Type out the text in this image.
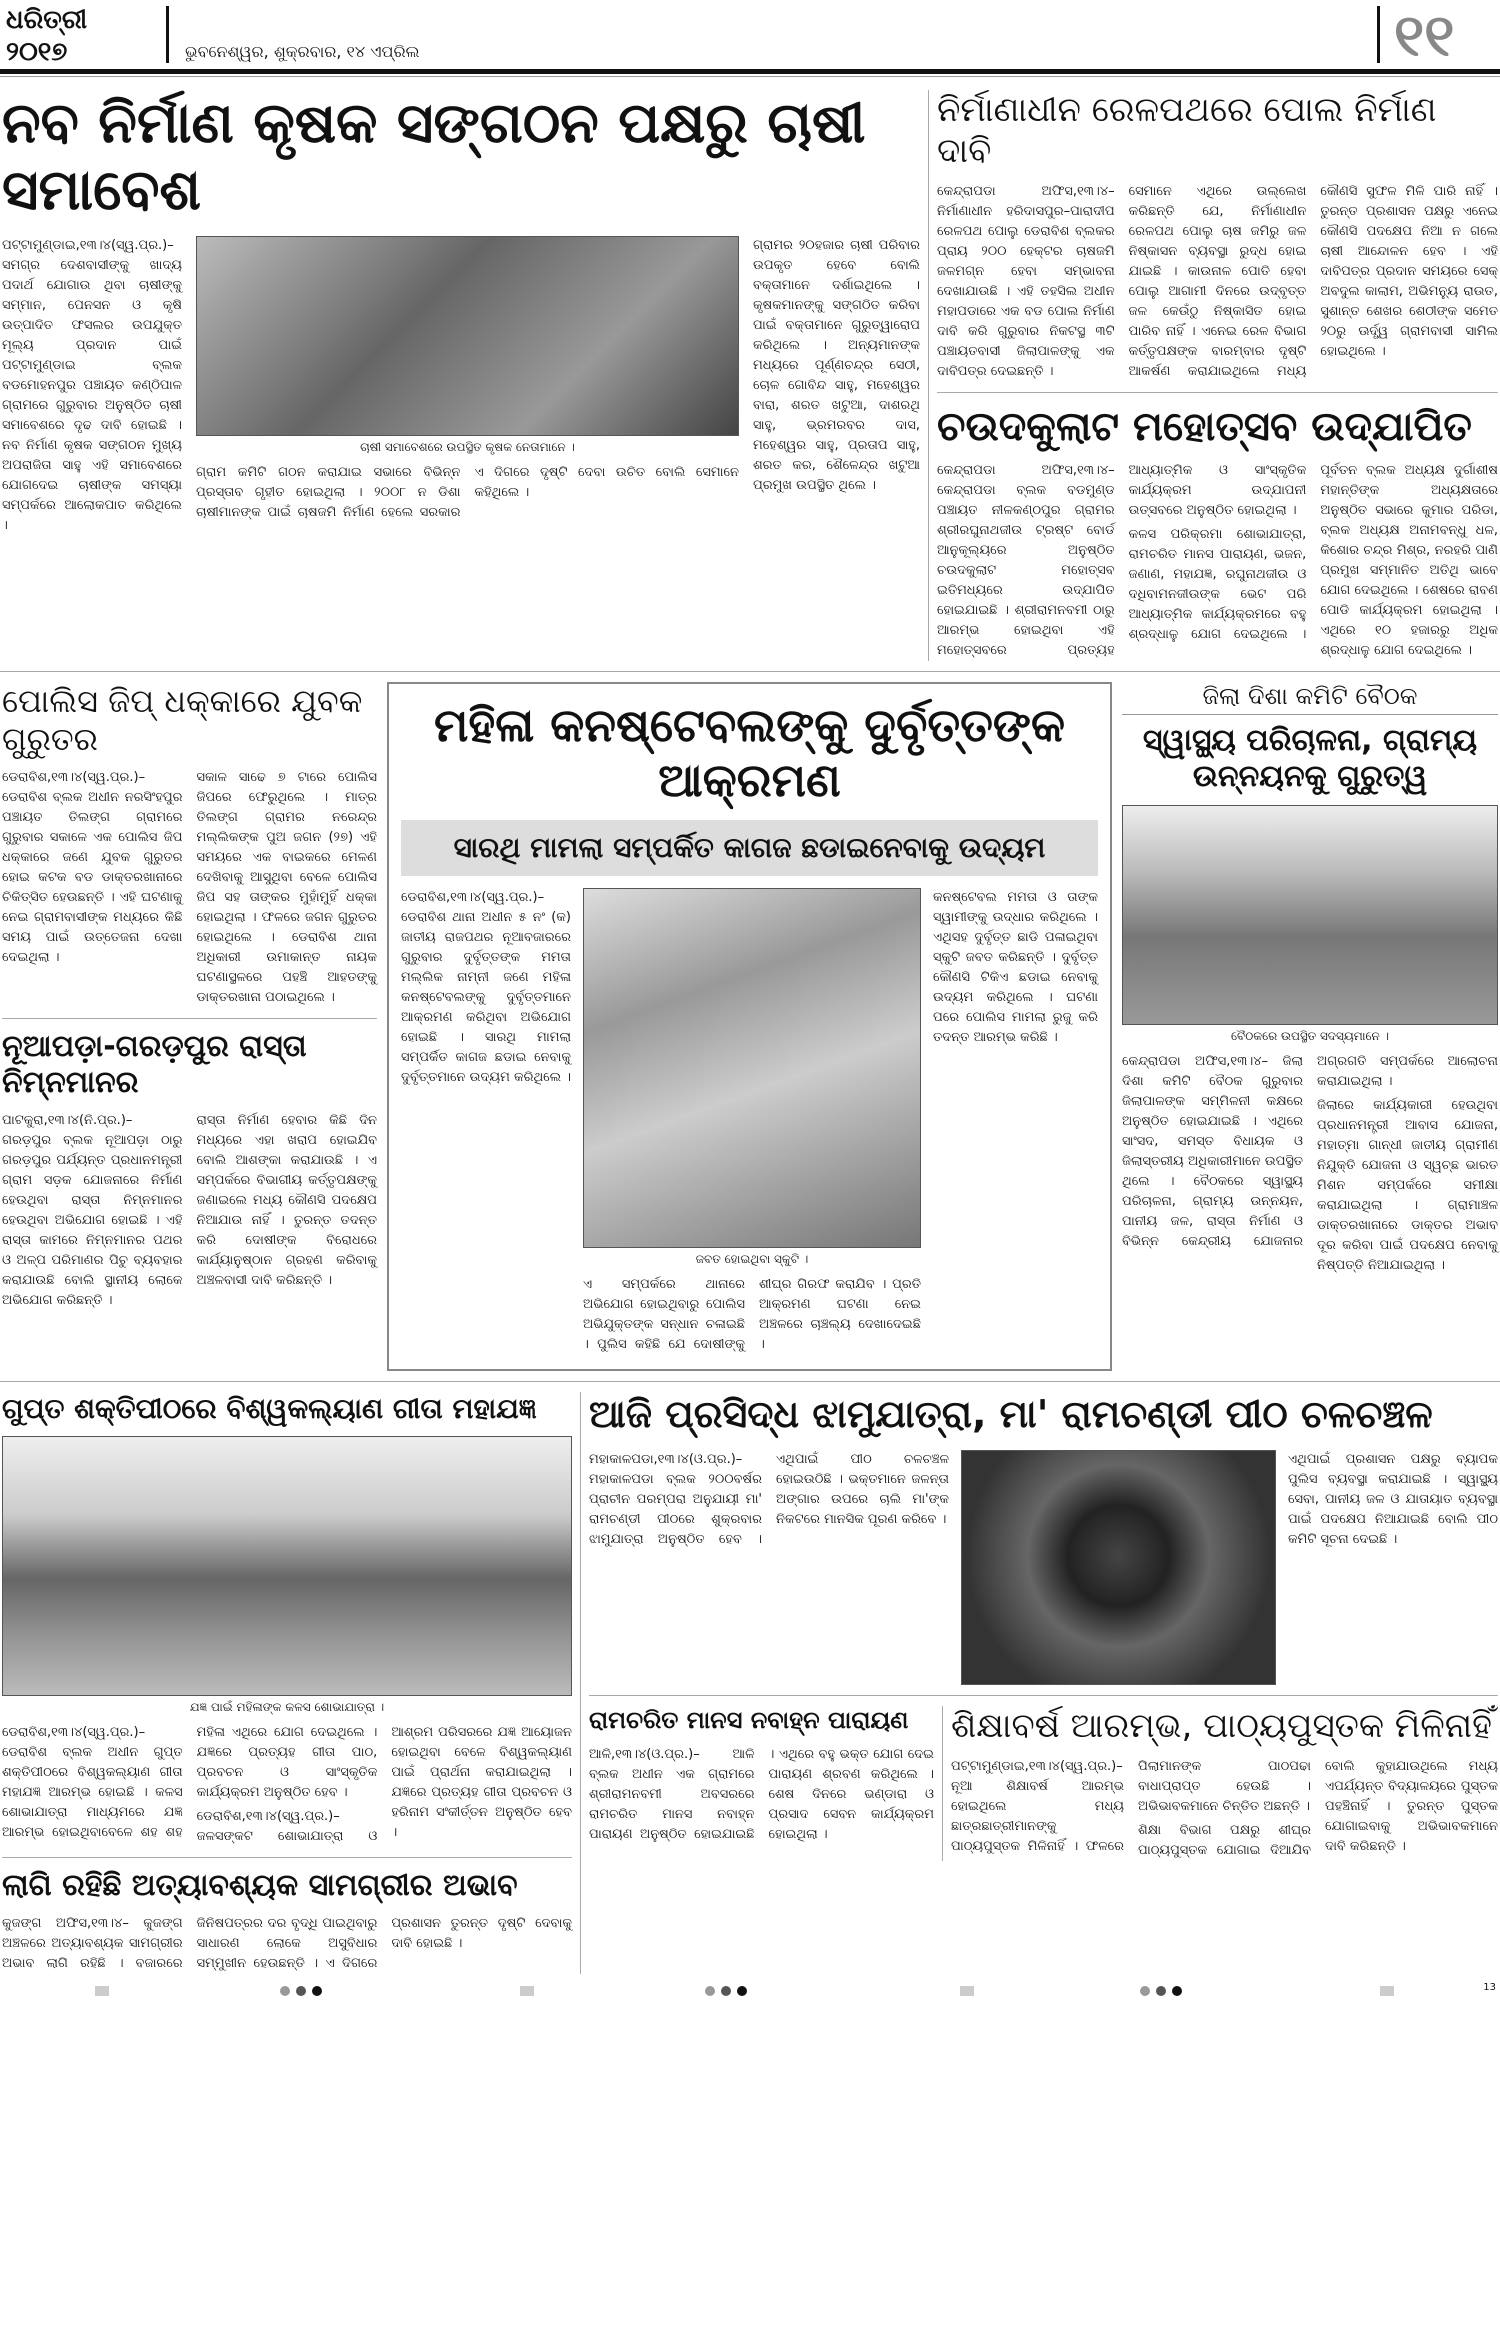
ଧରିତ୍ରୀ
୨୦୧୭	ଭୁବନେଶ୍ୱର, ଶୁକ୍ରବାର, ୧୪ ଏପ୍ରିଲ	୧୧
ନବ ନିର୍ମାଣ କୃଷକ ସଙ୍ଗଠନ ପକ୍ଷରୁ ଚାଷୀ ସମାବେଶ

ପଟ୍ଟାମୁଣ୍ଡାଇ,୧୩।୪(ସ୍ୱ.ପ୍ର.)– ସମଗ୍ର ଦେଶବାସୀଙ୍କୁ ଖାଦ୍ୟ ପଦାର୍ଥ ଯୋଗାଉ ଥିବା ଚାଷୀଙ୍କୁ ସମ୍ମାନ, ପେନସନ ଓ କୃଷି ଉତ୍ପାଦିତ ଫସଲର ଉପଯୁକ୍ତ ମୂଲ୍ୟ ପ୍ରଦାନ ପାଇଁ ପଟ୍ଟାମୁଣ୍ଡାଇ ବ୍ଲକ ବଡମୋହନପୁର ପଞ୍ଚାୟତ କଣ୍ଠିପାଳ ଗ୍ରାମରେ ଗୁରୁବାର ଅନୁଷ୍ଠିତ ଚାଷୀ ସମାବେଶରେ ଦୃଢ ଦାବି ହୋଇଛି । ନବ ନିର୍ମାଣ କୃଷକ ସଙ୍ଗଠନ ମୁଖ୍ୟ ଅପରାଜିତା ସାହୁ ଏହି ସମାବେଶରେ ଯୋଗଦେଇ ଚାଷୀଙ୍କ ସମସ୍ୟା ସମ୍ପର୍କରେ ଆଲୋକପାତ କରିଥିଲେ ।

ଚାଷୀ ସମାବେଶରେ ଉପସ୍ଥିତ କୃଷକ ନେତାମାନେ ।

ଗ୍ରାମ କମିଟି ଗଠନ କରାଯାଇ ସଭାରେ ବିଭିନ୍ନ ପ୍ରସ୍ତାବ ଗୃହୀତ ହୋଇଥିଲା । ୨୦୦୮ ନ ଡିଶା ଚାଷୀମାନଙ୍କ ପାଇଁ ଚାଷଜମି ନିର୍ମାଣ ହେଲେ ସରକାର ଏ ଦିଗରେ ଦୃଷ୍ଟି ଦେବା ଉଚିତ ବୋଲି ସେମାନେ କହିଥିଲେ ।

ଗ୍ରାମର ୨୦ହଜାର ଚାଷୀ ପରିବାର ଉପକୃତ ହେବେ ବୋଲି ବକ୍ତାମାନେ ଦର୍ଶାଇଥିଲେ । କୃଷକମାନଙ୍କୁ ସଙ୍ଗଠିତ କରିବା ପାଇଁ ବକ୍ତାମାନେ ଗୁରୁତ୍ୱାରୋପ କରିଥିଲେ । ଅନ୍ୟମାନଙ୍କ ମଧ୍ୟରେ ପୂର୍ଣ୍ଣଚନ୍ଦ୍ର ସେଠୀ, ଚୋଳ ଗୋବିନ୍ଦ ସାହୁ, ମହେଶ୍ୱର ବାରା, ଶରତ ଖଟୁଆ, ଦାଶରଥି ସାହୁ, ଭ୍ରମରବର ଦାସ, ମହେଶ୍ୱର ସାହୁ, ପ୍ରତାପ ସାହୁ, ଶରତ କର, ଶୈଳେନ୍ଦ୍ର ଖଟୁଆ ପ୍ରମୁଖ ଉପସ୍ଥିତ ଥିଲେ ।

ନିର୍ମାଣାଧୀନ ରେଳପଥରେ ପୋଲ ନିର୍ମାଣ ଦାବି

କେନ୍ଦ୍ରାପଡା ଅଫିସ,୧୩।୪– ନିର୍ମାଣାଧୀନ ହରିଦାସପୁର–ପାରାଦୀପ ରେଳପଥ ପୋଲୁ ଡେରାବିଶ ବ୍ଲକର ପ୍ରାୟ ୨୦୦ ହେକ୍ଟର ଚାଷଜମି ଜଳମଗ୍ନ ହେବା ସମ୍ଭାବନା ଦେଖାଯାଉଛି । ଏହି ତହସିଲ ଅଧୀନ ମହାପଡାରେ ଏକ ବଡ ପୋଲ ନିର୍ମାଣ ଦାବି କରି ଗୁରୁବାର ନିକଟସ୍ଥ ୩ଟି ପଞ୍ଚାୟତବାସୀ ଜିଲାପାଳଙ୍କୁ ଏକ ଦାବିପତ୍ର ଦେଇଛନ୍ତି ।

ସେମାନେ ଏଥିରେ ଉଲ୍ଲେଖ କରିଛନ୍ତି ଯେ, ନିର୍ମାଣାଧୀନ ରେଳପଥ ପୋଲୁ ଚାଷ ଜମିରୁ ଜଳ ନିଷ୍କାସନ ବ୍ୟବସ୍ଥା ରୁଦ୍ଧ ହୋଇ ଯାଇଛି । କାଉନାଳ ପୋତି ହେବା ପୋଲୁ ଆଗାମୀ ଦିନରେ ଉଦ୍‌ବୃତ୍ତ ଜଳ କେଉଁଠୁ ନିଷ୍କାସିତ ହୋଇ ପାରିବ ନାହିଁ । ଏନେଇ ରେଳ ବିଭାଗ କର୍ତ୍ତୃପକ୍ଷଙ୍କ ବାରମ୍ବାର ଦୃଷ୍ଟି ଆକର୍ଷଣ କରାଯାଇଥିଲେ ମଧ୍ୟ କୌଣସି ସୁଫଳ ମିଳି ପାରି ନାହିଁ । ତୁରନ୍ତ ପ୍ରଶାସନ ପକ୍ଷରୁ ଏନେଇ କୌଣସି ପଦକ୍ଷେପ ନିଆ ନ ଗଲେ ଚାଷୀ ଆନ୍ଦୋଳନ ହେବ । ଏହି ଦାବିପତ୍ର ପ୍ରଦାନ ସମୟରେ ସେକ୍ ଅବଦୁଲ କାଲାମ, ଅଭିମନ୍ୟୁ ରାଉତ, ସୁଶାନ୍ତ ଶେଖର ଶେଠୀଙ୍କ ସମେତ ୨୦ରୁ ଊର୍ଦ୍ଧ୍ୱ ଗ୍ରାମବାସୀ ସାମିଲ ହୋଇଥିଲେ ।

ଚଉଦକୁଲାଟ ମହୋତ୍ସବ ଉଦ୍‌ଯାପିତ

କେନ୍ଦ୍ରାପଡା ଅଫିସ,୧୩।୪– କେନ୍ଦ୍ରାପଡା ବ୍ଲକ ବଡମୁଣ୍ଡ ପଞ୍ଚାୟତ ନୀଳକଣ୍ଠପୁର ଗ୍ରାମର ଶ୍ରୀରଘୁନାଥଜୀଉ ଟ୍ରଷ୍ଟ ବୋର୍ଡ ଆନୁକୂଲ୍ୟରେ ଅନୁଷ୍ଠିତ ଚଉଦକୁଲାଟ ମହୋତ୍ସବ ଇତିମଧ୍ୟରେ ଉଦ୍‌ଯାପିତ ହୋଇଯାଇଛି । ଶ୍ରୀରାମନବମୀ ଠାରୁ ଆରମ୍ଭ ହୋଇଥିବା ଏହି ମହୋତ୍ସବରେ ପ୍ରତ୍ୟହ ଆଧ୍ୟାତ୍ମିକ ଓ ସାଂସ୍କୃତିକ କାର୍ଯ୍ୟକ୍ରମ ଉଦ୍‌ଯାପନୀ ଉତ୍ସବରେ ଅନୁଷ୍ଠିତ ହୋଇଥିଲା ।

କଳସ ପରିକ୍ରମା ଶୋଭାଯାତ୍ରା, ରାମଚରିତ ମାନସ ପାରାୟଣ, ଭଜନ, ଜଣାଣ, ମହାଯଜ୍ଞ, ରଘୁନାଥଜୀଉ ଓ ଦଧିବାମନଜୀଉଙ୍କ ଭେଟ ପରି ଆଧ୍ୟାତ୍ମିକ କାର୍ଯ୍ୟକ୍ରମରେ ବହୁ ଶ୍ରଦ୍ଧାଳୁ ଯୋଗ ଦେଇଥିଲେ । ପୂର୍ବତନ ବ୍ଲକ ଅଧ୍ୟକ୍ଷ ଦୁର୍ଗାଶୀଷ ମହାନ୍ତିଙ୍କ ଅଧ୍ୟକ୍ଷତାରେ ଅନୁଷ୍ଠିତ ସଭାରେ କୁମାର ପରିଡା, ବ୍ଲକ ଅଧ୍ୟକ୍ଷ ଅନାମବନ୍ଧୁ ଧଳ, କିଶୋର ଚନ୍ଦ୍ର ମିଶ୍ର, ନରହରି ପାଣି ପ୍ରମୁଖ ସମ୍ମାନିତ ଅତିଥି ଭାବେ ଯୋଗ ଦେଇଥିଲେ । ଶେଷରେ ରାବଣ ପୋଡି କାର୍ଯ୍ୟକ୍ରମ ହୋଇଥିଲା । ଏଥିରେ ୧୦ ହଜାରରୁ ଅଧିକ ଶ୍ରଦ୍ଧାଳୁ ଯୋଗ ଦେଇଥିଲେ ।

ପୋଲିସ ଜିପ୍ ଧକ୍କାରେ ଯୁବକ ଗୁରୁତର

ଡେରାବିଶ,୧୩।୪(ସ୍ୱ.ପ୍ର.)– ଡେରାବିଶ ବ୍ଲକ ଅଧୀନ ନରସିଂହପୁର ପଞ୍ଚାୟତ ତିଲଙ୍ଗ ଗ୍ରାମରେ ଗୁରୁବାର ସକାଳେ ଏକ ପୋଲିସ ଜିପ ଧକ୍କାରେ ଜଣେ ଯୁବକ ଗୁରୁତର ହୋଇ କଟକ ବଡ ଡାକ୍ତରଖାନାରେ ଚିକିତ୍ସିତ ହେଉଛନ୍ତି । ଏହି ଘଟଣାକୁ ନେଇ ଗ୍ରାମବାସୀଙ୍କ ମଧ୍ୟରେ କିଛି ସମୟ ପାଇଁ ଉତ୍ତେଜନା ଦେଖା ଦେଇଥିଲା ।

ସକାଳ ସାଢେ ୭ ଟାରେ ପୋଲିସ ଜିପରେ ଫେରୁଥିଲେ । ମାତ୍ର ତିଲଙ୍ଗ ଗ୍ରାମର ନରେନ୍ଦ୍ର ମଲ୍ଲିକଙ୍କ ପୁଅ ଜଗନ (୨୭) ଏହି ସମୟରେ ଏକ ବାଇକରେ ମେଳଣ ଦେଖିବାକୁ ଆସୁଥିବା ବେଳେ ପୋଲିସ ଜିପ ସହ ତାଙ୍କର ମୁହାଁମୁହିଁ ଧକ୍କା ହୋଇଥିଲା । ଫଳରେ ଜଗନ ଗୁରୁତର ହୋଇଥିଲେ । ଡେରାବିଶ ଥାନା ଅଧିକାରୀ ଉମାକାନ୍ତ ନାୟକ ଘଟଣାସ୍ଥଳରେ ପହଞ୍ଚି ଆହତଙ୍କୁ ଡାକ୍ତରଖାନା ପଠାଇଥିଲେ ।

ନୂଆପଡ଼ା-ଗରଡ଼ପୁର ରାସ୍ତା ନିମ୍ନମାନର

ପାଟକୁରା,୧୩।୪(ନି.ପ୍ର.)– ଗରଡ଼ପୁର ବ୍ଲକ ନୂଆପଡ଼ା ଠାରୁ ଗରଡ଼ପୁର ପର୍ଯ୍ୟନ୍ତ ପ୍ରଧାନମନ୍ତ୍ରୀ ଗ୍ରାମ ସଡ଼କ ଯୋଜନାରେ ନିର୍ମାଣ ହେଉଥିବା ରାସ୍ତା ନିମ୍ନମାନର ହେଉଥିବା ଅଭିଯୋଗ ହୋଇଛି । ଏହି ରାସ୍ତା କାମରେ ନିମ୍ନମାନର ପଥର ଓ ଅଳ୍ପ ପରିମାଣର ପିଚୁ ବ୍ୟବହାର କରାଯାଉଛି ବୋଲି ସ୍ଥାନୀୟ ଲୋକେ ଅଭିଯୋଗ କରିଛନ୍ତି ।

ରାସ୍ତା ନିର୍ମାଣ ହେବାର କିଛି ଦିନ ମଧ୍ୟରେ ଏହା ଖରାପ ହୋଇଯିବ ବୋଲି ଆଶଙ୍କା କରାଯାଉଛି । ଏ ସମ୍ପର୍କରେ ବିଭାଗୀୟ କର୍ତ୍ତୃପକ୍ଷଙ୍କୁ ଜଣାଇଲେ ମଧ୍ୟ କୌଣସି ପଦକ୍ଷେପ ନିଆଯାଉ ନାହିଁ । ତୁରନ୍ତ ତଦନ୍ତ କରି ଦୋଷୀଙ୍କ ବିରୋଧରେ କାର୍ଯ୍ୟାନୁଷ୍ଠାନ ଗ୍ରହଣ କରିବାକୁ ଅଞ୍ଚଳବାସୀ ଦାବି କରିଛନ୍ତି ।

ମହିଳା କନଷ୍ଟେବଲଙ୍କୁ ଦୁର୍ବୃତ୍ତଙ୍କ ଆକ୍ରମଣ
ସାରଥି ମାମଲା ସମ୍ପର୍କିତ କାଗଜ ଛଡାଇନେବାକୁ ଉଦ୍ୟମ

ଡେରାବିଶ,୧୩।୪(ସ୍ୱ.ପ୍ର.)– ଡେରାବିଶ ଥାନା ଅଧୀନ ୫ ନଂ (କ) ଜାତୀୟ ରାଜପଥର ନୂଆବଜାରରେ ଗୁରୁବାର ଦୁର୍ବୃତ୍ତଙ୍କ ମମତା ମଲ୍ଲିକ ନାମ୍ନୀ ଜଣେ ମହିଳା କନଷ୍ଟେବଲଙ୍କୁ ଦୁର୍ବୃତ୍ତମାନେ ଆକ୍ରମଣ କରିଥିବା ଅଭିଯୋଗ ହୋଇଛି । ସାରଥି ମାମଲା ସମ୍ପର୍କିତ କାଗଜ ଛଡାଇ ନେବାକୁ ଦୁର୍ବୃତ୍ତମାନେ ଉଦ୍ୟମ କରିଥିଲେ ।

ଜବତ ହୋଇଥିବା ସ୍କୁଟି ।

ଏ ସମ୍ପର୍କରେ ଥାନାରେ ଅଭିଯୋଗ ହୋଇଥିବାରୁ ପୋଲିସ ଅଭିଯୁକ୍ତଙ୍କ ସନ୍ଧାନ ଚଳାଇଛି । ପୁଲିସ କହିଛି ଯେ ଦୋଷୀଙ୍କୁ ଶୀଘ୍ର ଗିରଫ କରାଯିବ । ପ୍ରତି ଆକ୍ରମଣ ଘଟଣା ନେଇ ଅଞ୍ଚଳରେ ଚାଞ୍ଚଲ୍ୟ ଦେଖାଦେଇଛି ।

କନଷ୍ଟେବଲ ମମତା ଓ ତାଙ୍କ ସ୍ୱାମୀଙ୍କୁ ଉଦ୍ଧାର କରିଥିଲେ । ଏଥିସହ ଦୁର୍ବୃତ୍ତ ଛାଡି ପଳାଇଥିବା ସ୍କୁଟି ଜବତ କରିଛନ୍ତି । ଦୁର୍ବୃତ୍ତ କୌଣସି ଟିକିଏ ଛଡାଇ ନେବାକୁ ଉଦ୍ୟମ କରିଥିଲେ । ଘଟଣା ପରେ ପୋଲିସ ମାମଲା ରୁଜୁ କରି ତଦନ୍ତ ଆରମ୍ଭ କରିଛି ।

ଜିଲା ଦିଶା କମିଟି ବୈଠକ
ସ୍ୱାସ୍ଥ୍ୟ ପରିଚାଳନା, ଗ୍ରାମ୍ୟ ଉନ୍ନୟନକୁ ଗୁରୁତ୍ୱ
ବୈଠକରେ ଉପସ୍ଥିତ ସଦସ୍ୟମାନେ ।

କେନ୍ଦ୍ରାପଡା ଅଫିସ,୧୩।୪– ଜିଲା ଦିଶା କମିଟି ବୈଠକ ଗୁରୁବାର ଜିଲାପାଳଙ୍କ ସମ୍ମିଳନୀ କକ୍ଷରେ ଅନୁଷ୍ଠିତ ହୋଇଯାଇଛି । ଏଥିରେ ସାଂସଦ, ସମସ୍ତ ବିଧାୟକ ଓ ଜିଲାସ୍ତରୀୟ ଅଧିକାରୀମାନେ ଉପସ୍ଥିତ ଥିଲେ । ବୈଠକରେ ସ୍ୱାସ୍ଥ୍ୟ ପରିଚାଳନା, ଗ୍ରାମ୍ୟ ଉନ୍ନୟନ, ପାନୀୟ ଜଳ, ରାସ୍ତା ନିର୍ମାଣ ଓ ବିଭିନ୍ନ କେନ୍ଦ୍ରୀୟ ଯୋଜନାର ଅଗ୍ରଗତି ସମ୍ପର୍କରେ ଆଲୋଚନା କରାଯାଇଥିଲା ।

ଜିଲାରେ କାର୍ଯ୍ୟକାରୀ ହେଉଥିବା ପ୍ରଧାନମନ୍ତ୍ରୀ ଆବାସ ଯୋଜନା, ମହାତ୍ମା ଗାନ୍ଧୀ ଜାତୀୟ ଗ୍ରାମୀଣ ନିଯୁକ୍ତି ଯୋଜନା ଓ ସ୍ୱଚ୍ଛ ଭାରତ ମିଶନ ସମ୍ପର୍କରେ ସମୀକ୍ଷା କରାଯାଇଥିଲା । ଗ୍ରାମାଞ୍ଚଳ ଡାକ୍ତରଖାନାରେ ଡାକ୍ତର ଅଭାବ ଦୂର କରିବା ପାଇଁ ପଦକ୍ଷେପ ନେବାକୁ ନିଷ୍ପତ୍ତି ନିଆଯାଇଥିଲା ।

ଗୁପ୍ତ ଶକ୍ତିପୀଠରେ ବିଶ୍ୱକଲ୍ୟାଣ ଗୀତା ମହାଯଜ୍ଞ
ଯଜ୍ଞ ପାଇଁ ମହିଳାଙ୍କ କଳସ ଶୋଭାଯାତ୍ରା ।

ଡେରାବିଶ,୧୩।୪(ସ୍ୱ.ପ୍ର.)– ଡେରାବିଶ ବ୍ଲକ ଅଧୀନ ଗୁପ୍ତ ଶକ୍ତିପୀଠରେ ବିଶ୍ୱକଲ୍ୟାଣ ଗୀତା ମହାଯଜ୍ଞ ଆରମ୍ଭ ହୋଇଛି । କଳସ ଶୋଭାଯାତ୍ରା ମାଧ୍ୟମରେ ଯଜ୍ଞ ଆରମ୍ଭ ହୋଇଥିବାବେଳେ ଶହ ଶହ ମହିଳା ଏଥିରେ ଯୋଗ ଦେଇଥିଲେ । ଯଜ୍ଞରେ ପ୍ରତ୍ୟହ ଗୀତା ପାଠ, ପ୍ରବଚନ ଓ ସାଂସ୍କୃତିକ କାର୍ଯ୍ୟକ୍ରମ ଅନୁଷ୍ଠିତ ହେବ ।

ଡେରାବିଶ,୧୩।୪(ସ୍ୱ.ପ୍ର.)– ଜଳସଙ୍କଟ ଶୋଭାଯାତ୍ରା ଓ ଆଶ୍ରମ ପରିସରରେ ଯଜ୍ଞ ଆୟୋଜନ ହୋଇଥିବା ବେଳେ ବିଶ୍ୱକଲ୍ୟାଣ ପାଇଁ ପ୍ରାର୍ଥନା କରାଯାଇଥିଲା । ଯଜ୍ଞରେ ପ୍ରତ୍ୟହ ଗୀତା ପ୍ରବଚନ ଓ ହରିନାମ ସଂକୀର୍ତ୍ତନ ଅନୁଷ୍ଠିତ ହେବ ।

ଲାଗି ରହିଛି ଅତ୍ୟାବଶ୍ୟକ ସାମଗ୍ରୀର ଅଭାବ

କୁଜଙ୍ଗ ଅଫିସ,୧୩।୪– କୁଜଙ୍ଗ ଅଞ୍ଚଳରେ ଅତ୍ୟାବଶ୍ୟକ ସାମଗ୍ରୀର ଅଭାବ ଲାଗି ରହିଛି । ବଜାରରେ ଜିନିଷପତ୍ରର ଦର ବୃଦ୍ଧି ପାଇଥିବାରୁ ସାଧାରଣ ଲୋକେ ଅସୁବିଧାର ସମ୍ମୁଖୀନ ହେଉଛନ୍ତି । ଏ ଦିଗରେ ପ୍ରଶାସନ ତୁରନ୍ତ ଦୃଷ୍ଟି ଦେବାକୁ ଦାବି ହୋଇଛି ।

ଆଜି ପ୍ରସିଦ୍ଧ ଝାମୁଯାତ୍ରା, ମା' ରାମଚଣ୍ଡୀ ପୀଠ ଚଳଚଞ୍ଚଳ

ମହାକାଳପଡା,୧୩।୪(ଓ.ପ୍ର.)– ମହାକାଳପଡା ବ୍ଲକ ୨୦୦ବର୍ଷର ପ୍ରାଚୀନ ପରମ୍ପରା ଅନୁଯାୟୀ ମା' ରାମଚଣ୍ଡୀ ପୀଠରେ ଶୁକ୍ରବାର ଝାମୁଯାତ୍ରା ଅନୁଷ୍ଠିତ ହେବ । ଏଥିପାଇଁ ପୀଠ ଚଳଚଞ୍ଚଳ ହୋଇଉଠିଛି । ଭକ୍ତମାନେ ଜଳନ୍ତା ଅଙ୍ଗାର ଉପରେ ଚାଲି ମା'ଙ୍କ ନିକଟରେ ମାନସିକ ପୂରଣ କରିବେ ।

ଏଥିପାଇଁ ପ୍ରଶାସନ ପକ୍ଷରୁ ବ୍ୟାପକ ପୁଲିସ ବ୍ୟବସ୍ଥା କରାଯାଇଛି । ସ୍ୱାସ୍ଥ୍ୟ ସେବା, ପାନୀୟ ଜଳ ଓ ଯାତାୟାତ ବ୍ୟବସ୍ଥା ପାଇଁ ପଦକ୍ଷେପ ନିଆଯାଇଛି ବୋଲି ପୀଠ କମିଟି ସୂଚନା ଦେଇଛି ।

ରାମଚରିତ ମାନସ ନବାହ୍ନ ପାରାୟଣ

ଆଳି,୧୩।୪(ଓ.ପ୍ର.)– ଆଳି ବ୍ଲକ ଅଧୀନ ଏକ ଗ୍ରାମରେ ଶ୍ରୀରାମନବମୀ ଅବସରରେ ରାମଚରିତ ମାନସ ନବାହ୍ନ ପାରାୟଣ ଅନୁଷ୍ଠିତ ହୋଇଯାଇଛି । ଏଥିରେ ବହୁ ଭକ୍ତ ଯୋଗ ଦେଇ ପାରାୟଣ ଶ୍ରବଣ କରିଥିଲେ । ଶେଷ ଦିନରେ ଭଣ୍ଡାରା ଓ ପ୍ରସାଦ ସେବନ କାର୍ଯ୍ୟକ୍ରମ ହୋଇଥିଲା ।

ଶିକ୍ଷାବର୍ଷ ଆରମ୍ଭ, ପାଠ୍ୟପୁସ୍ତକ ମିଳିନାହିଁ

ପଟ୍ଟାମୁଣ୍ଡାଇ,୧୩।୪(ସ୍ୱ.ପ୍ର.)– ନୂଆ ଶିକ୍ଷାବର୍ଷ ଆରମ୍ଭ ହୋଇଥିଲେ ମଧ୍ୟ ଛାତ୍ରଛାତ୍ରୀମାନଙ୍କୁ ପାଠ୍ୟପୁସ୍ତକ ମିଳିନାହିଁ । ଫଳରେ ପିଲାମାନଙ୍କ ପାଠପଢା ବାଧାପ୍ରାପ୍ତ ହେଉଛି । ଅଭିଭାବକମାନେ ଚିନ୍ତିତ ଅଛନ୍ତି ।

ଶିକ୍ଷା ବିଭାଗ ପକ୍ଷରୁ ଶୀଘ୍ର ପାଠ୍ୟପୁସ୍ତକ ଯୋଗାଇ ଦିଆଯିବ ବୋଲି କୁହାଯାଉଥିଲେ ମଧ୍ୟ ଏପର୍ଯ୍ୟନ୍ତ ବିଦ୍ୟାଳୟରେ ପୁସ୍ତକ ପହଞ୍ଚିନାହିଁ । ତୁରନ୍ତ ପୁସ୍ତକ ଯୋଗାଇବାକୁ ଅଭିଭାବକମାନେ ଦାବି କରିଛନ୍ତି ।

13
